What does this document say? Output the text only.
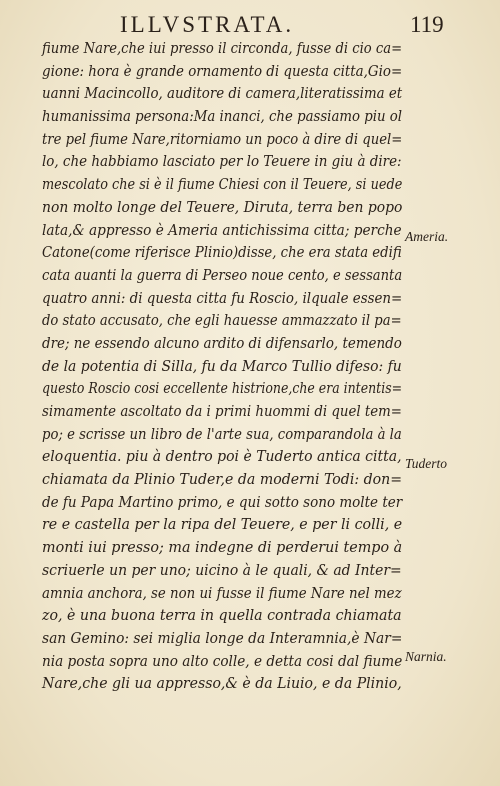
ILLVSTRATA.	119
fiume Nare,che iui presso il circonda, fusse di cio ca=
gione: hora è grande ornamento di questa citta,Gio=
uanni Macincollo, auditore di camera,literatissima et
humanissima persona:Ma inanci, che passiamo piu ol
tre pel fiume Nare,ritorniamo un poco à dire di quel=
lo, che habbiamo lasciato per lo Teuere in giu à dire:
mescolato che si è il fiume Chiesi con il Teuere, si uede
non molto longe del Teuere, Diruta, terra ben popo
lata,& appresso è Ameria antichissima citta; perche
Catone(come riferisce Plinio)disse, che era stata edifi
cata auanti la guerra di Perseo noue cento, e sessanta
quatro anni: di questa citta fu Roscio, ilquale essen=
do stato accusato, che egli hauesse ammazzato il pa=
dre; ne essendo alcuno ardito di difensarlo, temendo
de la potentia di Silla, fu da Marco Tullio difeso: fu
questo Roscio cosi eccellente histrione,che era intentis=
simamente ascoltato da i primi huommi di quel tem=
po; e scrisse un libro de l'arte sua, comparandola à la
eloquentia. piu à dentro poi è Tuderto antica citta,
chiamata da Plinio Tuder,e da moderni Todi: don=
de fu Papa Martino primo, e qui sotto sono molte ter
re e castella per la ripa del Teuere, e per li colli, e
monti iui presso; ma indegne di perderui tempo à
scriuerle un per uno; uicino à le quali, & ad Inter=
amnia anchora, se non ui fusse il fiume Nare nel mez
zo, è una buona terra in quella contrada chiamata
san Gemino: sei miglia longe da Interamnia,è Nar=
nia posta sopra uno alto colle, e detta cosi dal fiume
Nare,che gli ua appresso,& è da Liuio, e da Plinio,
Ameria.
Tuderto
Narnia.
